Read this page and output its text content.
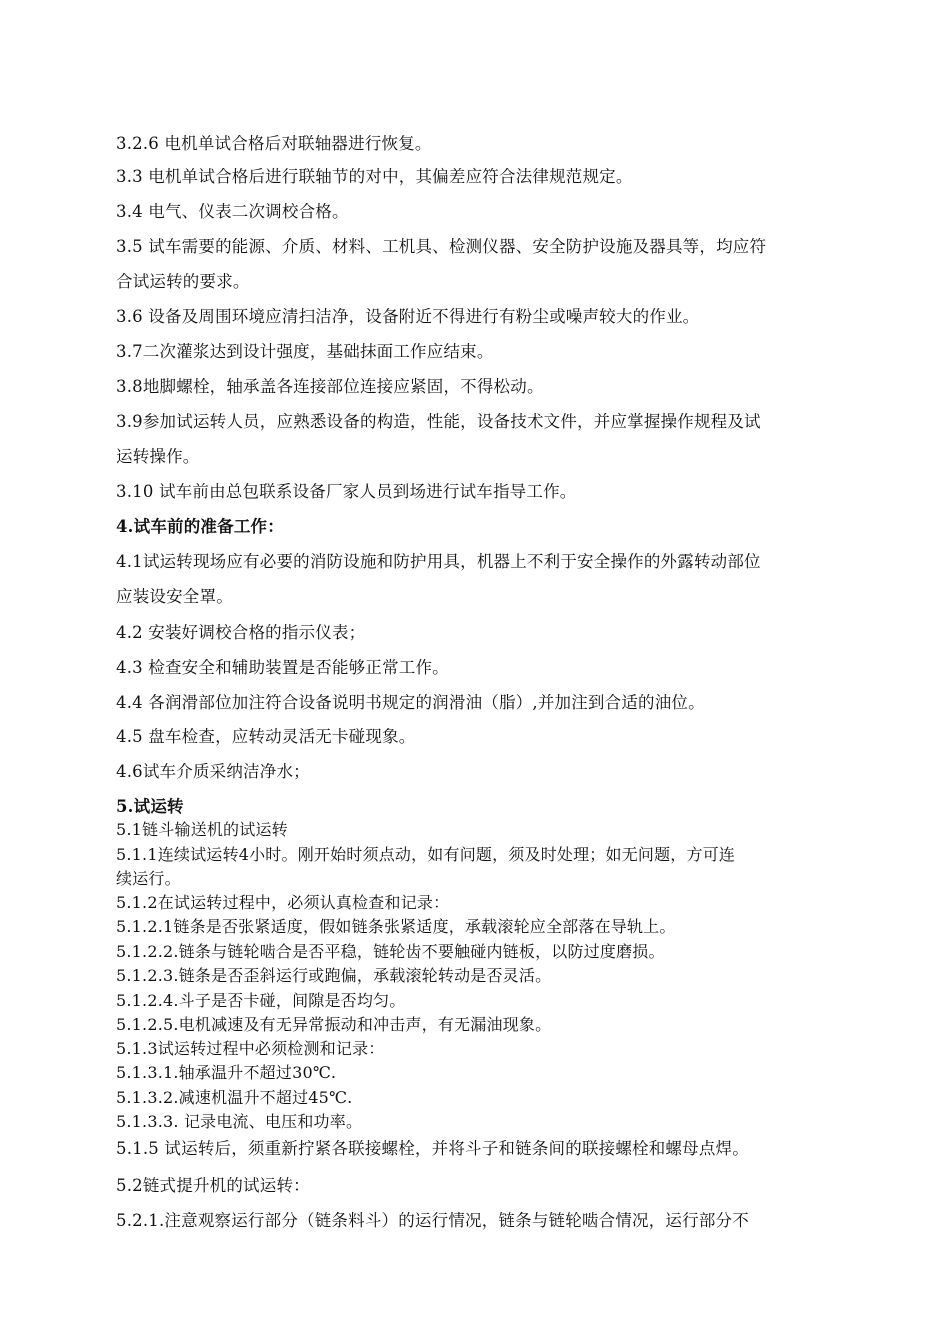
3.2.6 电机单试合格后对联轴器进行恢复。
3.3 电机单试合格后进行联轴节的对中，其偏差应符合法律规范规定。
3.4 电气、仪表二次调校合格。
3.5 试车需要的能源、介质、材料、工机具、检测仪器、安全防护设施及器具等，均应符
合试运转的要求。
3.6 设备及周围环境应清扫洁净，设备附近不得进行有粉尘或噪声较大的作业。
3.7二次灌浆达到设计强度，基础抹面工作应结束。
3.8地脚螺栓，轴承盖各连接部位连接应紧固，不得松动。
3.9参加试运转人员，应熟悉设备的构造，性能，设备技术文件，并应掌握操作规程及试
运转操作。
3.10 试车前由总包联系设备厂家人员到场进行试车指导工作。
4.试车前的准备工作：
4.1试运转现场应有必要的消防设施和防护用具，机器上不利于安全操作的外露转动部位
应装设安全罩。
4.2 安装好调校合格的指示仪表；
4.3 检查安全和辅助装置是否能够正常工作。
4.4 各润滑部位加注符合设备说明书规定的润滑油（脂）,并加注到合适的油位。
4.5 盘车检查，应转动灵活无卡碰现象。
4.6试车介质采纳洁净水；
5.试运转
5.1链斗输送机的试运转
5.1.1连续试运转4小时。刚开始时须点动，如有问题，须及时处理；如无问题，方可连
续运行。
5.1.2在试运转过程中，必须认真检查和记录：
5.1.2.1链条是否张紧适度，假如链条张紧适度，承载滚轮应全部落在导轨上。
5.1.2.2.链条与链轮啮合是否平稳，链轮齿不要触碰内链板，以防过度磨损。
5.1.2.3.链条是否歪斜运行或跑偏，承载滚轮转动是否灵活。
5.1.2.4.斗子是否卡碰，间隙是否均匀。
5.1.2.5.电机减速及有无异常振动和冲击声，有无漏油现象。
5.1.3试运转过程中必须检测和记录：
5.1.3.1.轴承温升不超过30℃.
5.1.3.2.减速机温升不超过45℃.
5.1.3.3. 记录电流、电压和功率。
5.1.5 试运转后，须重新拧紧各联接螺栓，并将斗子和链条间的联接螺栓和螺母点焊。
5.2链式提升机的试运转：
5.2.1.注意观察运行部分（链条料斗）的运行情况，链条与链轮啮合情况，运行部分不
